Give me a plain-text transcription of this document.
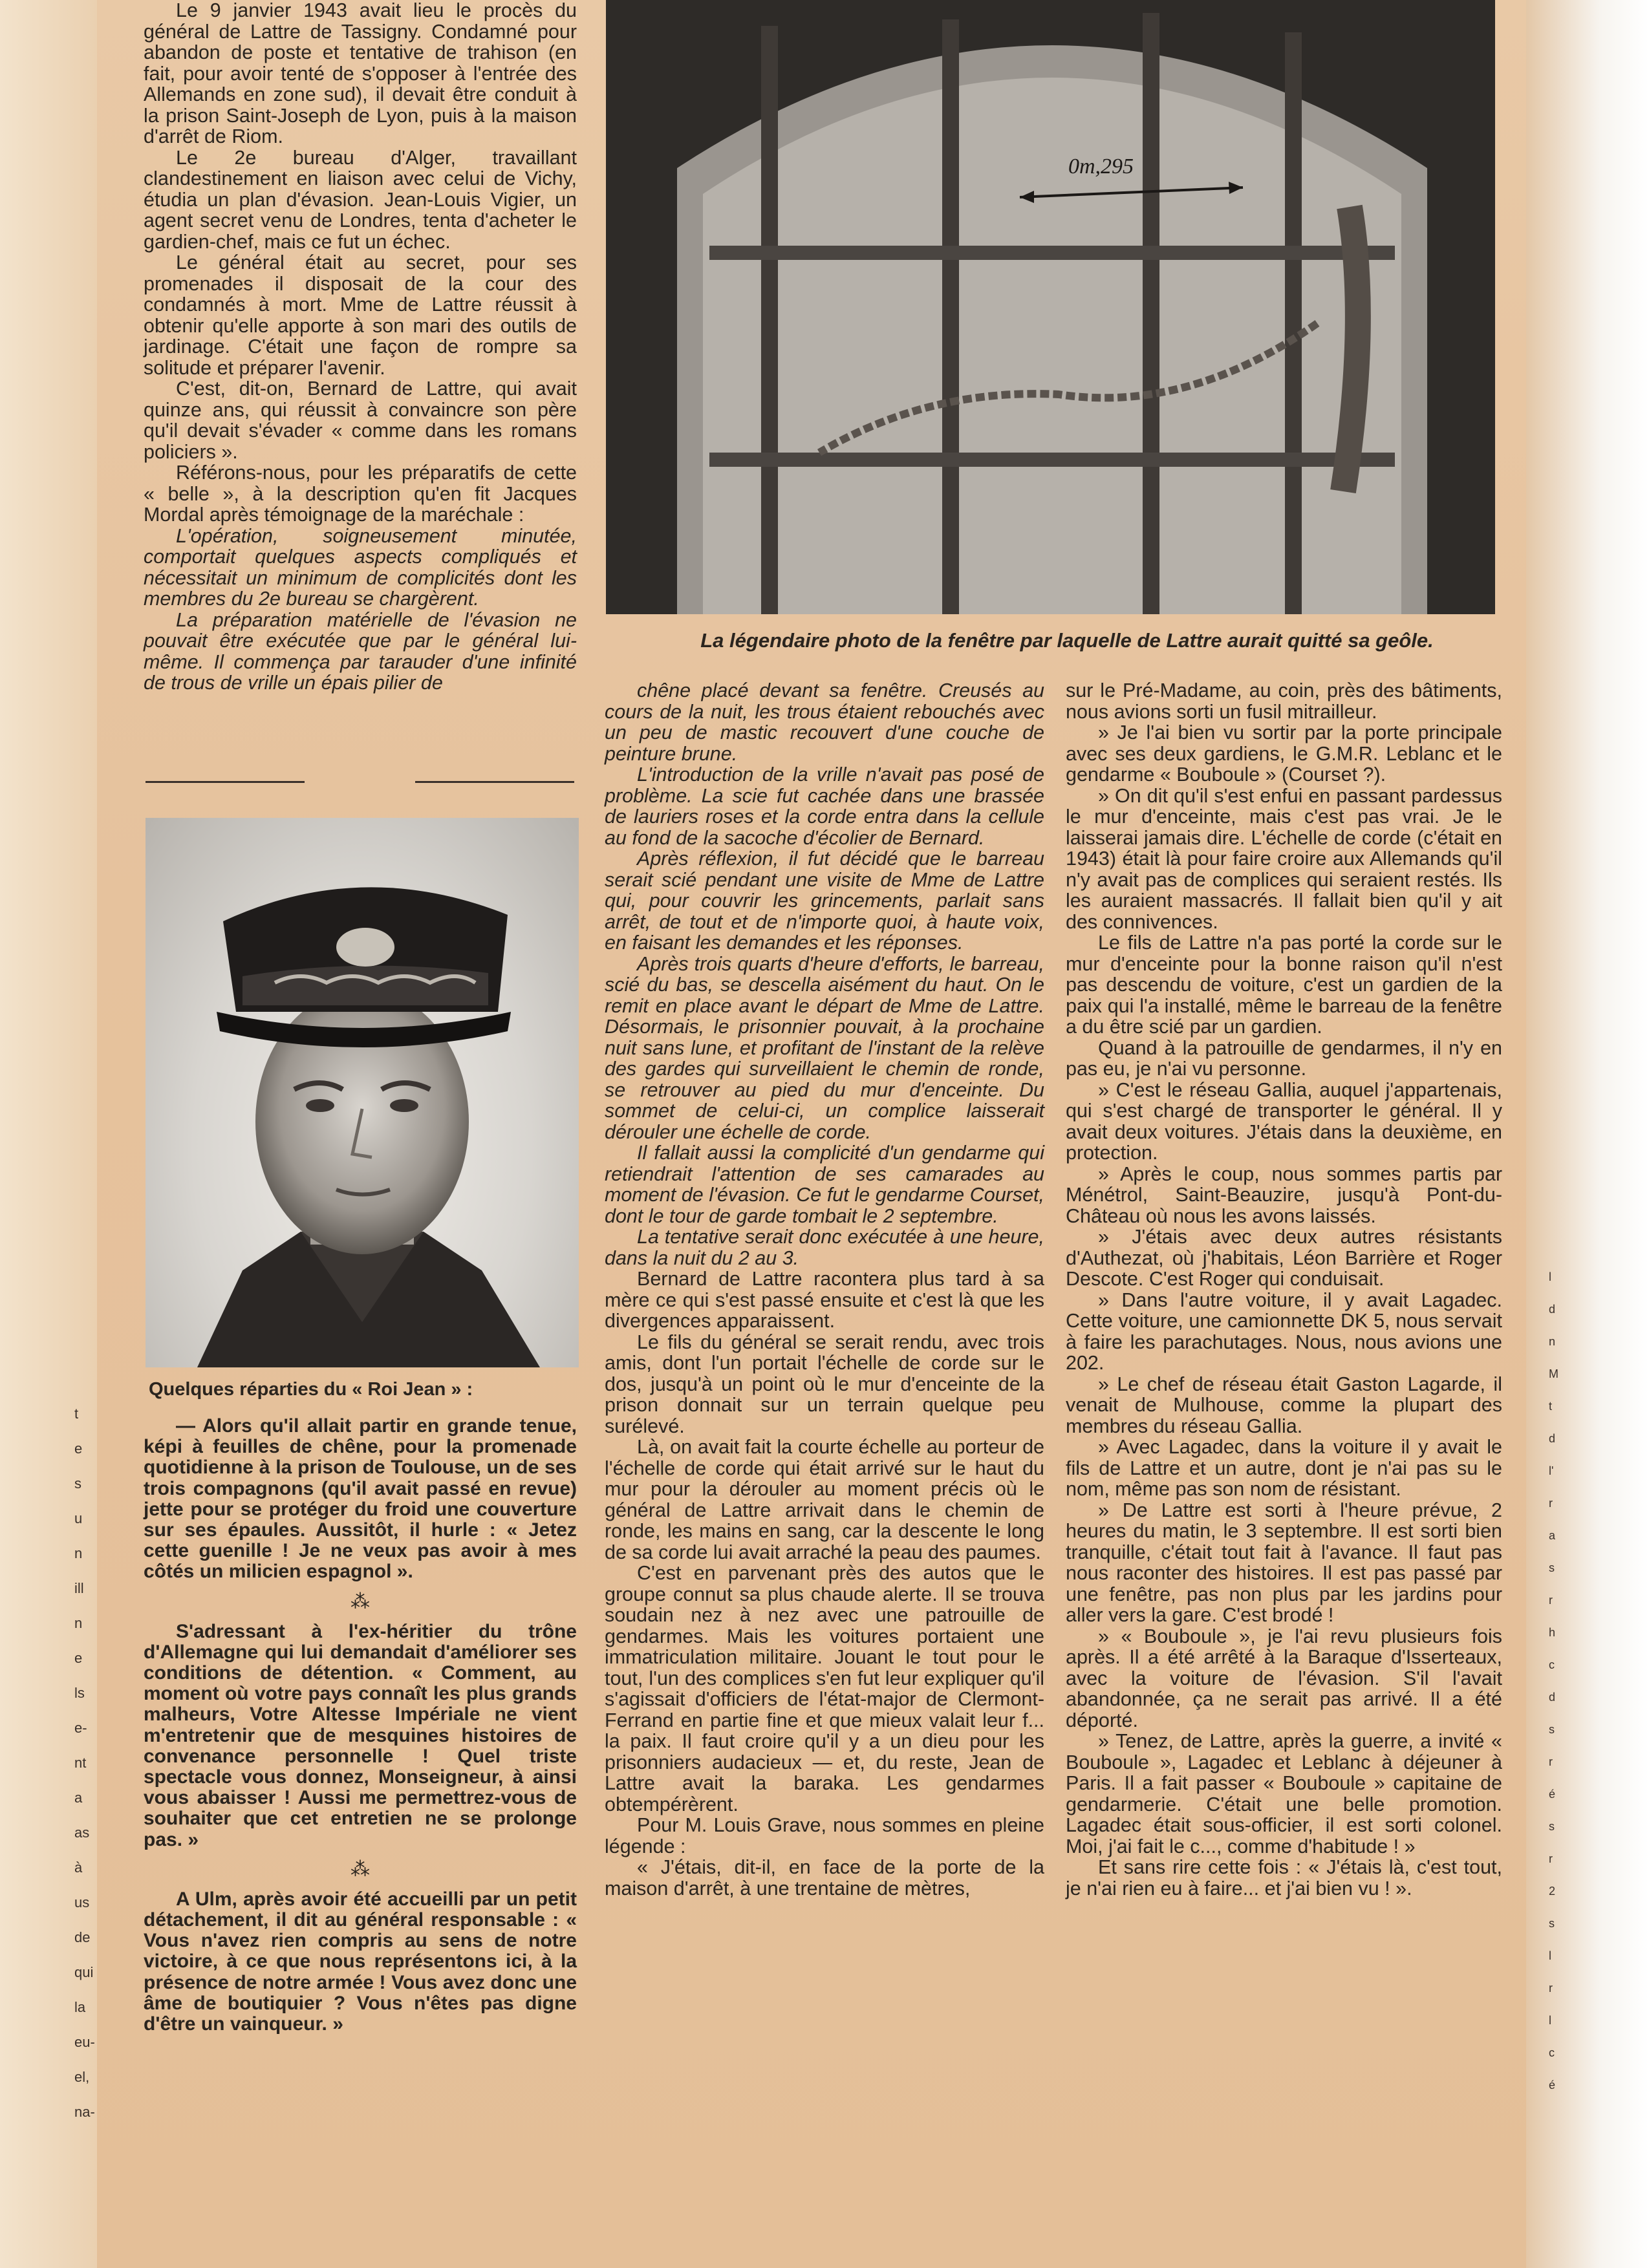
Le 9 janvier 1943 avait lieu le procès du général de Lattre de Tassigny. Condamné pour abandon de poste et tentative de trahison (en fait, pour avoir tenté de s'opposer à l'entrée des Allemands en zone sud), il devait être conduit à la prison Saint-Joseph de Lyon, puis à la maison d'arrêt de Riom.

Le 2e bureau d'Alger, travaillant clandestinement en liaison avec celui de Vichy, étudia un plan d'évasion. Jean-Louis Vigier, un agent secret venu de Londres, tenta d'acheter le gardien-chef, mais ce fut un échec.

Le général était au secret, pour ses promenades il disposait de la cour des condamnés à mort. Mme de Lattre réussit à obtenir qu'elle apporte à son mari des outils de jardinage. C'était une façon de rompre sa solitude et préparer l'avenir.

C'est, dit-on, Bernard de Lattre, qui avait quinze ans, qui réussit à convaincre son père qu'il devait s'évader « comme dans les romans policiers ».

Référons-nous, pour les préparatifs de cette « belle », à la description qu'en fit Jacques Mordal après témoignage de la maréchale :

L'opération, soigneusement minutée, comportait quelques aspects compliqués et nécessitait un minimum de complicités dont les membres du 2e bureau se chargèrent.

La préparation matérielle de l'évasion ne pouvait être exécutée que par le général lui-même. Il commença par tarauder d'une infinité de trous de vrille un épais pilier de

Quelques réparties du « Roi Jean » :

— Alors qu'il allait partir en grande tenue, képi à feuilles de chêne, pour la promenade quotidienne à la prison de Toulouse, un de ses trois compagnons (qu'il avait passé en revue) jette pour se protéger du froid une couverture sur ses épaules. Aussitôt, il hurle : « Jetez cette guenille ! Je ne veux pas avoir à mes côtés un milicien espagnol ».

⁂

S'adressant à l'ex-héritier du trône d'Allemagne qui lui demandait d'améliorer ses conditions de détention. « Comment, au moment où votre pays connaît les plus grands malheurs, Votre Altesse Impériale ne vient m'entretenir que de mesquines histoires de convenance personnelle ! Quel triste spectacle vous donnez, Monseigneur, à ainsi vous abaisser ! Aussi me permettrez-vous de souhaiter que cet entretien ne se prolonge pas. »

⁂

A Ulm, après avoir été accueilli par un petit détachement, il dit au général responsable : « Vous n'avez rien compris au sens de notre victoire, à ce que nous représentons ici, à la présence de notre armée ! Vous avez donc une âme de boutiquier ? Vous n'êtes pas digne d'être un vainqueur. »

0m,295
La légendaire photo de la fenêtre par laquelle de Lattre aurait quitté sa geôle.

chêne placé devant sa fenêtre. Creusés au cours de la nuit, les trous étaient rebouchés avec un peu de mastic recouvert d'une couche de peinture brune.

L'introduction de la vrille n'avait pas posé de problème. La scie fut cachée dans une brassée de lauriers roses et la corde entra dans la cellule au fond de la sacoche d'écolier de Bernard.

Après réflexion, il fut décidé que le barreau serait scié pendant une visite de Mme de Lattre qui, pour couvrir les grincements, parlait sans arrêt, de tout et de n'importe quoi, à haute voix, en faisant les demandes et les réponses.

Après trois quarts d'heure d'efforts, le barreau, scié du bas, se descella aisément du haut. On le remit en place avant le départ de Mme de Lattre. Désormais, le prisonnier pouvait, à la prochaine nuit sans lune, et profitant de l'instant de la relève des gardes qui surveillaient le chemin de ronde, se retrouver au pied du mur d'enceinte. Du sommet de celui-ci, un complice laisserait dérouler une échelle de corde.

Il fallait aussi la complicité d'un gendarme qui retiendrait l'attention de ses camarades au moment de l'évasion. Ce fut le gendarme Courset, dont le tour de garde tombait le 2 septembre.

La tentative serait donc exécutée à une heure, dans la nuit du 2 au 3.

Bernard de Lattre racontera plus tard à sa mère ce qui s'est passé ensuite et c'est là que les divergences apparaissent.

Le fils du général se serait rendu, avec trois amis, dont l'un portait l'échelle de corde sur le dos, jusqu'à un point où le mur d'enceinte de la prison donnait sur un terrain quelque peu surélevé.

Là, on avait fait la courte échelle au porteur de l'échelle de corde qui était arrivé sur le haut du mur pour la dérouler au moment précis où le général de Lattre arrivait dans le chemin de ronde, les mains en sang, car la descente le long de sa corde lui avait arraché la peau des paumes.

C'est en parvenant près des autos que le groupe connut sa plus chaude alerte. Il se trouva soudain nez à nez avec une patrouille de gendarmes. Mais les voitures portaient une immatriculation militaire. Jouant le tout pour le tout, l'un des complices s'en fut leur expliquer qu'il s'agissait d'officiers de l'état-major de Clermont-Ferrand en partie fine et que mieux valait leur f... la paix. Il faut croire qu'il y a un dieu pour les prisonniers audacieux — et, du reste, Jean de Lattre avait la baraka. Les gendarmes obtempérèrent.

Pour M. Louis Grave, nous sommes en pleine légende :

« J'étais, dit-il, en face de la porte de la maison d'arrêt, à une trentaine de mètres,

sur le Pré-Madame, au coin, près des bâtiments, nous avions sorti un fusil mitrailleur.

» Je l'ai bien vu sortir par la porte principale avec ses deux gardiens, le G.M.R. Leblanc et le gendarme « Bouboule » (Courset ?).

» On dit qu'il s'est enfui en passant pardessus le mur d'enceinte, mais c'est pas vrai. Je le laisserai jamais dire. L'échelle de corde (c'était en 1943) était là pour faire croire aux Allemands qu'il n'y avait pas de complices qui seraient restés. Ils les auraient massacrés. Il fallait bien qu'il y ait des connivences.

Le fils de Lattre n'a pas porté la corde sur le mur d'enceinte pour la bonne raison qu'il n'est pas descendu de voiture, c'est un gardien de la paix qui l'a installé, même le barreau de la fenêtre a du être scié par un gardien.

Quand à la patrouille de gendarmes, il n'y en pas eu, je n'ai vu personne.

» C'est le réseau Gallia, auquel j'appartenais, qui s'est chargé de transporter le général. Il y avait deux voitures. J'étais dans la deuxième, en protection.

» Après le coup, nous sommes partis par Ménétrol, Saint-Beauzire, jusqu'à Pont-du-Château où nous les avons laissés.

» J'étais avec deux autres résistants d'Authezat, où j'habitais, Léon Barrière et Roger Descote. C'est Roger qui conduisait.

» Dans l'autre voiture, il y avait Lagadec. Cette voiture, une camionnette DK 5, nous servait à faire les parachutages. Nous, nous avions une 202.

» Le chef de réseau était Gaston Lagarde, il venait de Mulhouse, comme la plupart des membres du réseau Gallia.

» Avec Lagadec, dans la voiture il y avait le fils de Lattre et un autre, dont je n'ai pas su le nom, même pas son nom de résistant.

» De Lattre est sorti à l'heure prévue, 2 heures du matin, le 3 septembre. Il est sorti bien tranquille, c'était tout fait à l'avance. Il faut pas nous raconter des histoires. Il est pas passé par une fenêtre, pas non plus par les jardins pour aller vers la gare. C'est brodé !

» « Bouboule », je l'ai revu plusieurs fois après. Il a été arrêté à la Baraque d'Isserteaux, avec la voiture de l'évasion. S'il l'avait abandonnée, ça ne serait pas arrivé. Il a été déporté.

» Tenez, de Lattre, après la guerre, a invité « Bouboule », Lagadec et Leblanc à déjeuner à Paris. Il a fait passer « Bouboule » capitaine de gendarmerie. C'était une belle promotion. Lagadec était sous-officier, il est sorti colonel. Moi, j'ai fait le c..., comme d'habitude ! »

Et sans rire cette fois : « J'étais là, c'est tout, je n'ai rien eu à faire... et j'ai bien vu ! ».

t
e
s
u
n
ill
n
e
ls
e-
nt
a
as
à
us
de
qui
la
eu-
el,
na-
l
d
n
M
t
d
l'
r
a
s
r
h
c
d
s
r
é
s
r
2
s
l
r
l
c
é
